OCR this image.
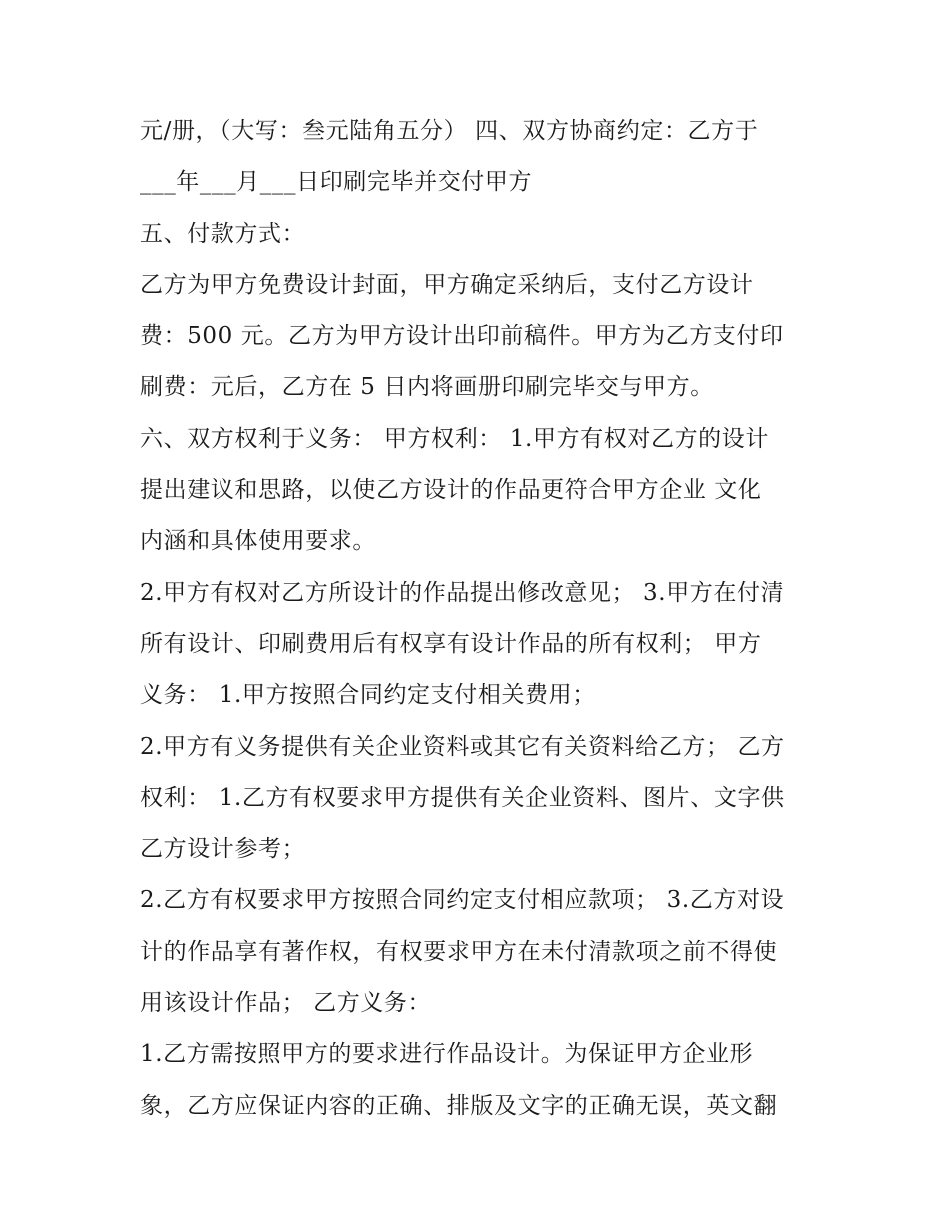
元/册，（大写：叁元陆角五分） 四、双方协商约定：乙方于
___年___月___日印刷完毕并交付甲方
五、付款方式：
乙方为甲方免费设计封面，甲方确定采纳后，支付乙方设计
费：500 元。乙方为甲方设计出印前稿件。甲方为乙方支付印
刷费：元后，乙方在 5 日内将画册印刷完毕交与甲方。
六、双方权利于义务： 甲方权利： 1.甲方有权对乙方的设计
提出建议和思路，以使乙方设计的作品更符合甲方企业 文化
内涵和具体使用要求。
2.甲方有权对乙方所设计的作品提出修改意见； 3.甲方在付清
所有设计、印刷费用后有权享有设计作品的所有权利； 甲方
义务： 1.甲方按照合同约定支付相关费用；
2.甲方有义务提供有关企业资料或其它有关资料给乙方； 乙方
权利： 1.乙方有权要求甲方提供有关企业资料、图片、文字供
乙方设计参考；
2.乙方有权要求甲方按照合同约定支付相应款项； 3.乙方对设
计的作品享有著作权，有权要求甲方在未付清款项之前不得使
用该设计作品； 乙方义务：
1.乙方需按照甲方的要求进行作品设计。为保证甲方企业形
象，乙方应保证内容的正确、排版及文字的正确无误，英文翻
